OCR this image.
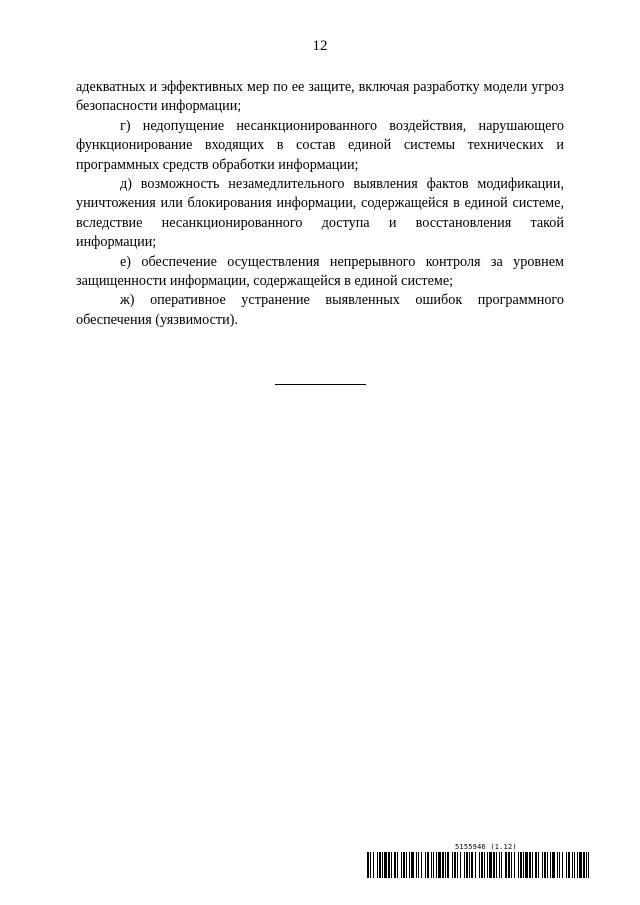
12

адекватных и эффективных мер по ее защите, включая разработку модели угроз безопасности информации;

г) недопущение несанкционированного воздействия, нарушающего функционирование входящих в состав единой системы технических и программных средств обработки информации;

д) возможность незамедлительного выявления фактов модификации, уничтожения или блокирования информации, содержащейся в единой системе, вследствие несанкционированного доступа и восстановления такой информации;

е) обеспечение осуществления непрерывного контроля за уровнем защищенности информации, содержащейся в единой системе;

ж) оперативное устранение выявленных ошибок программного обеспечения (уязвимости).

5155946 (1.12)
